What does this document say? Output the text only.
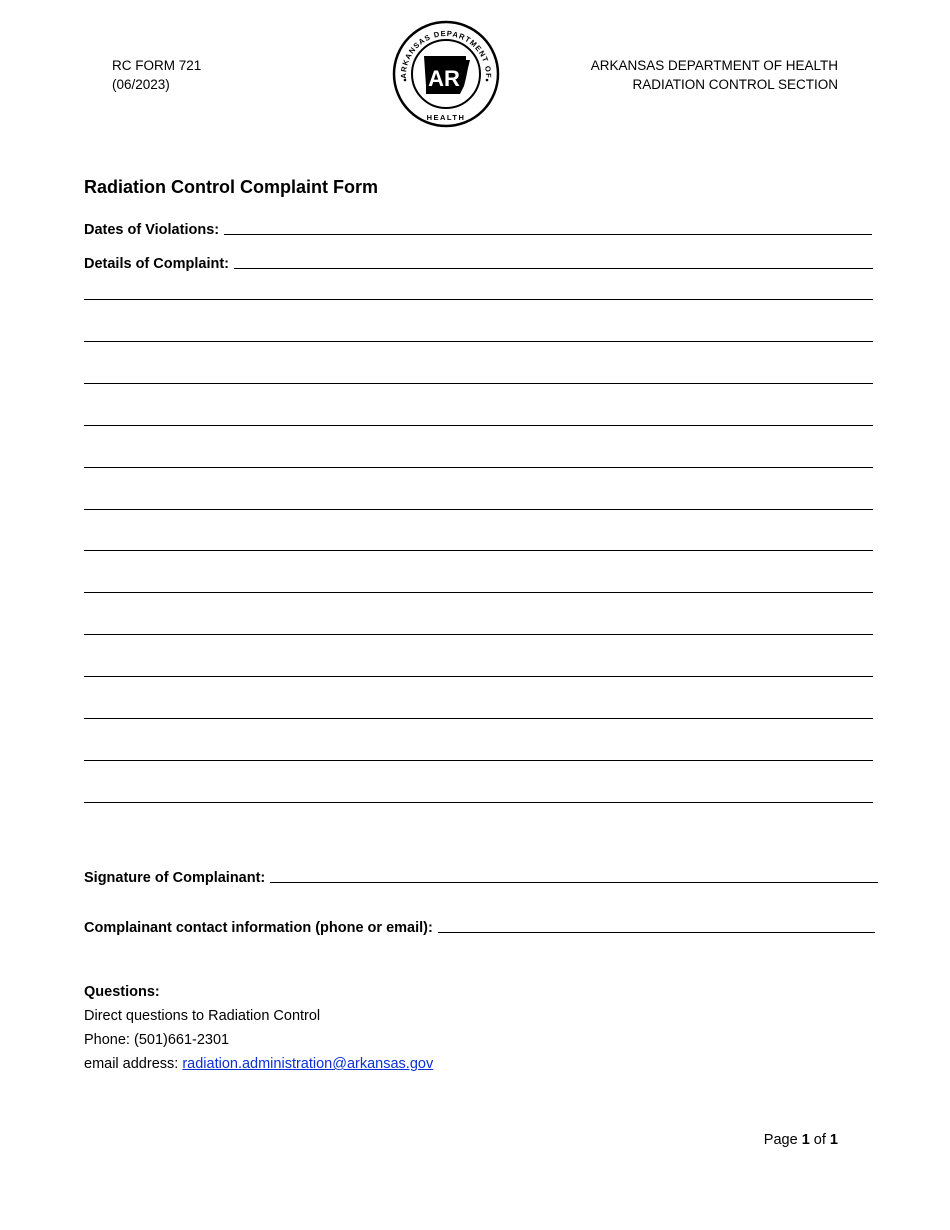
RC FORM 721
(06/2023)
ARKANSAS DEPARTMENT OF
HEALTH
AR
ARKANSAS DEPARTMENT OF HEALTH
RADIATION CONTROL SECTION
Radiation Control Complaint Form
Dates of Violations:
Details of Complaint:
Signature of Complainant:
Complainant contact information (phone or email):
Questions:
Direct questions to Radiation Control
Phone: (501)661-2301
email address: radiation.administration@arkansas.gov
Page 1 of 1
